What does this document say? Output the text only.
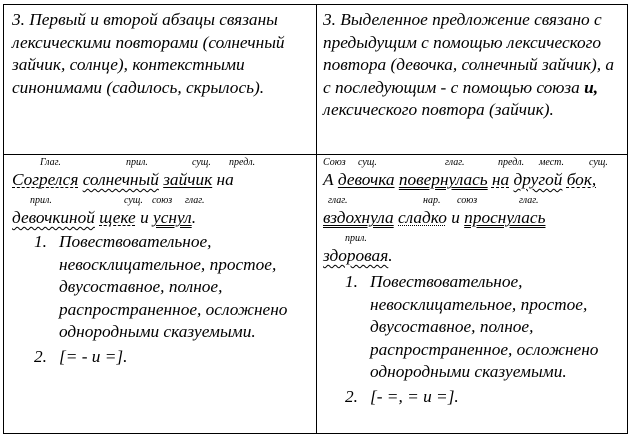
3. Первый и второй абзацы связаны лексическими повторами (солнечный зайчик, солнце), контекстными синонимами (садилось, скрылось).

3. Выделенное предложение связано с предыдущим с помощью лексического повтора (девочка, солнечный зайчик), а с последующим - с помощью союза и, лексического повтора (зайчик).

Глаг.	прил.	сущ. предл.

Согрелся солнечный зайчик на

прил.	сущ. союз глаг.

девочкиной щеке и уснул.

1. Повествовательное, невосклицательное, простое, двусоставное, полное, распространенное, осложнено однородными сказуемыми.
2. [= - и =].
Союз сущ.	глаг.	предл. мест.	сущ.

А девочка повернулась на другой бок,

глаг.	нар. союз	глаг.

вздохнула сладко и проснулась

прил.

здоровая.

1. Повествовательное, невосклицательное, простое, двусоставное, полное, распространенное, осложнено однородными сказуемыми.
2. [- =, = и =].
